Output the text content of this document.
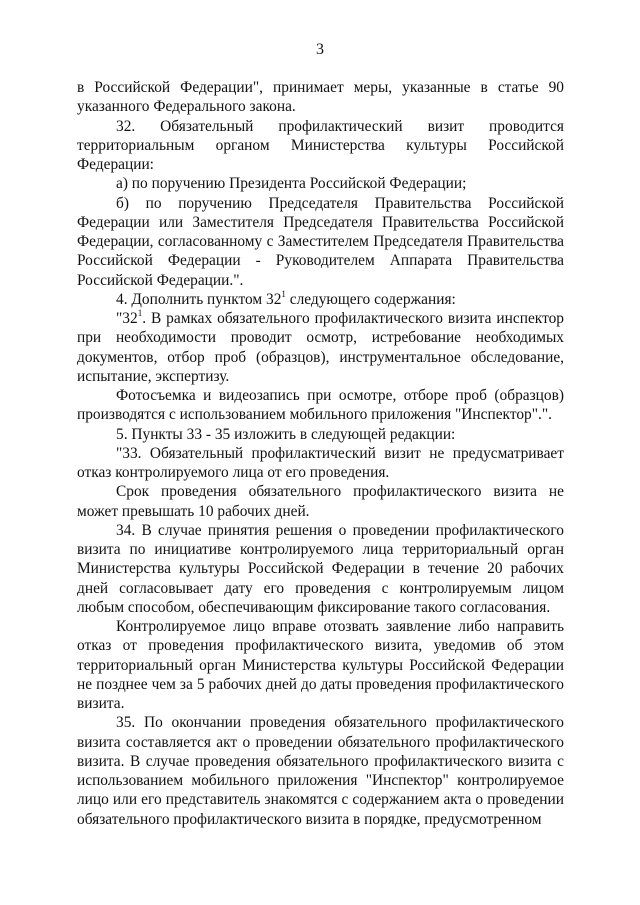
3

в Российской Федерации", принимает меры, указанные в статье 90 указанного Федерального закона.

32. Обязательный профилактический визит проводится территориальным органом Министерства культуры Российской Федерации:

а) по поручению Президента Российской Федерации;

б) по поручению Председателя Правительства Российской Федерации или Заместителя Председателя Правительства Российской Федерации, согласованному с Заместителем Председателя Правительства Российской Федерации - Руководителем Аппарата Правительства Российской Федерации.".

4. Дополнить пунктом $32^1$ следующего содержания:

"$32^1$. В рамках обязательного профилактического визита инспектор при необходимости проводит осмотр, истребование необходимых документов, отбор проб (образцов), инструментальное обследование, испытание, экспертизу.

Фотосъемка и видеозапись при осмотре, отборе проб (образцов) производятся с использованием мобильного приложения "Инспектор".".

5. Пункты 33 - 35 изложить в следующей редакции:

"33. Обязательный профилактический визит не предусматривает отказ контролируемого лица от его проведения.

Срок проведения обязательного профилактического визита не может превышать 10 рабочих дней.

34. В случае принятия решения о проведении профилактического визита по инициативе контролируемого лица территориальный орган Министерства культуры Российской Федерации в течение 20 рабочих дней согласовывает дату его проведения с контролируемым лицом любым способом, обеспечивающим фиксирование такого согласования.

Контролируемое лицо вправе отозвать заявление либо направить отказ от проведения профилактического визита, уведомив об этом территориальный орган Министерства культуры Российской Федерации не позднее чем за 5 рабочих дней до даты проведения профилактического визита.

35. По окончании проведения обязательного профилактического визита составляется акт о проведении обязательного профилактического визита. В случае проведения обязательного профилактического визита с использованием мобильного приложения "Инспектор" контролируемое лицо или его представитель знакомятся с содержанием акта о проведении обязательного профилактического визита в порядке, предусмотренном
